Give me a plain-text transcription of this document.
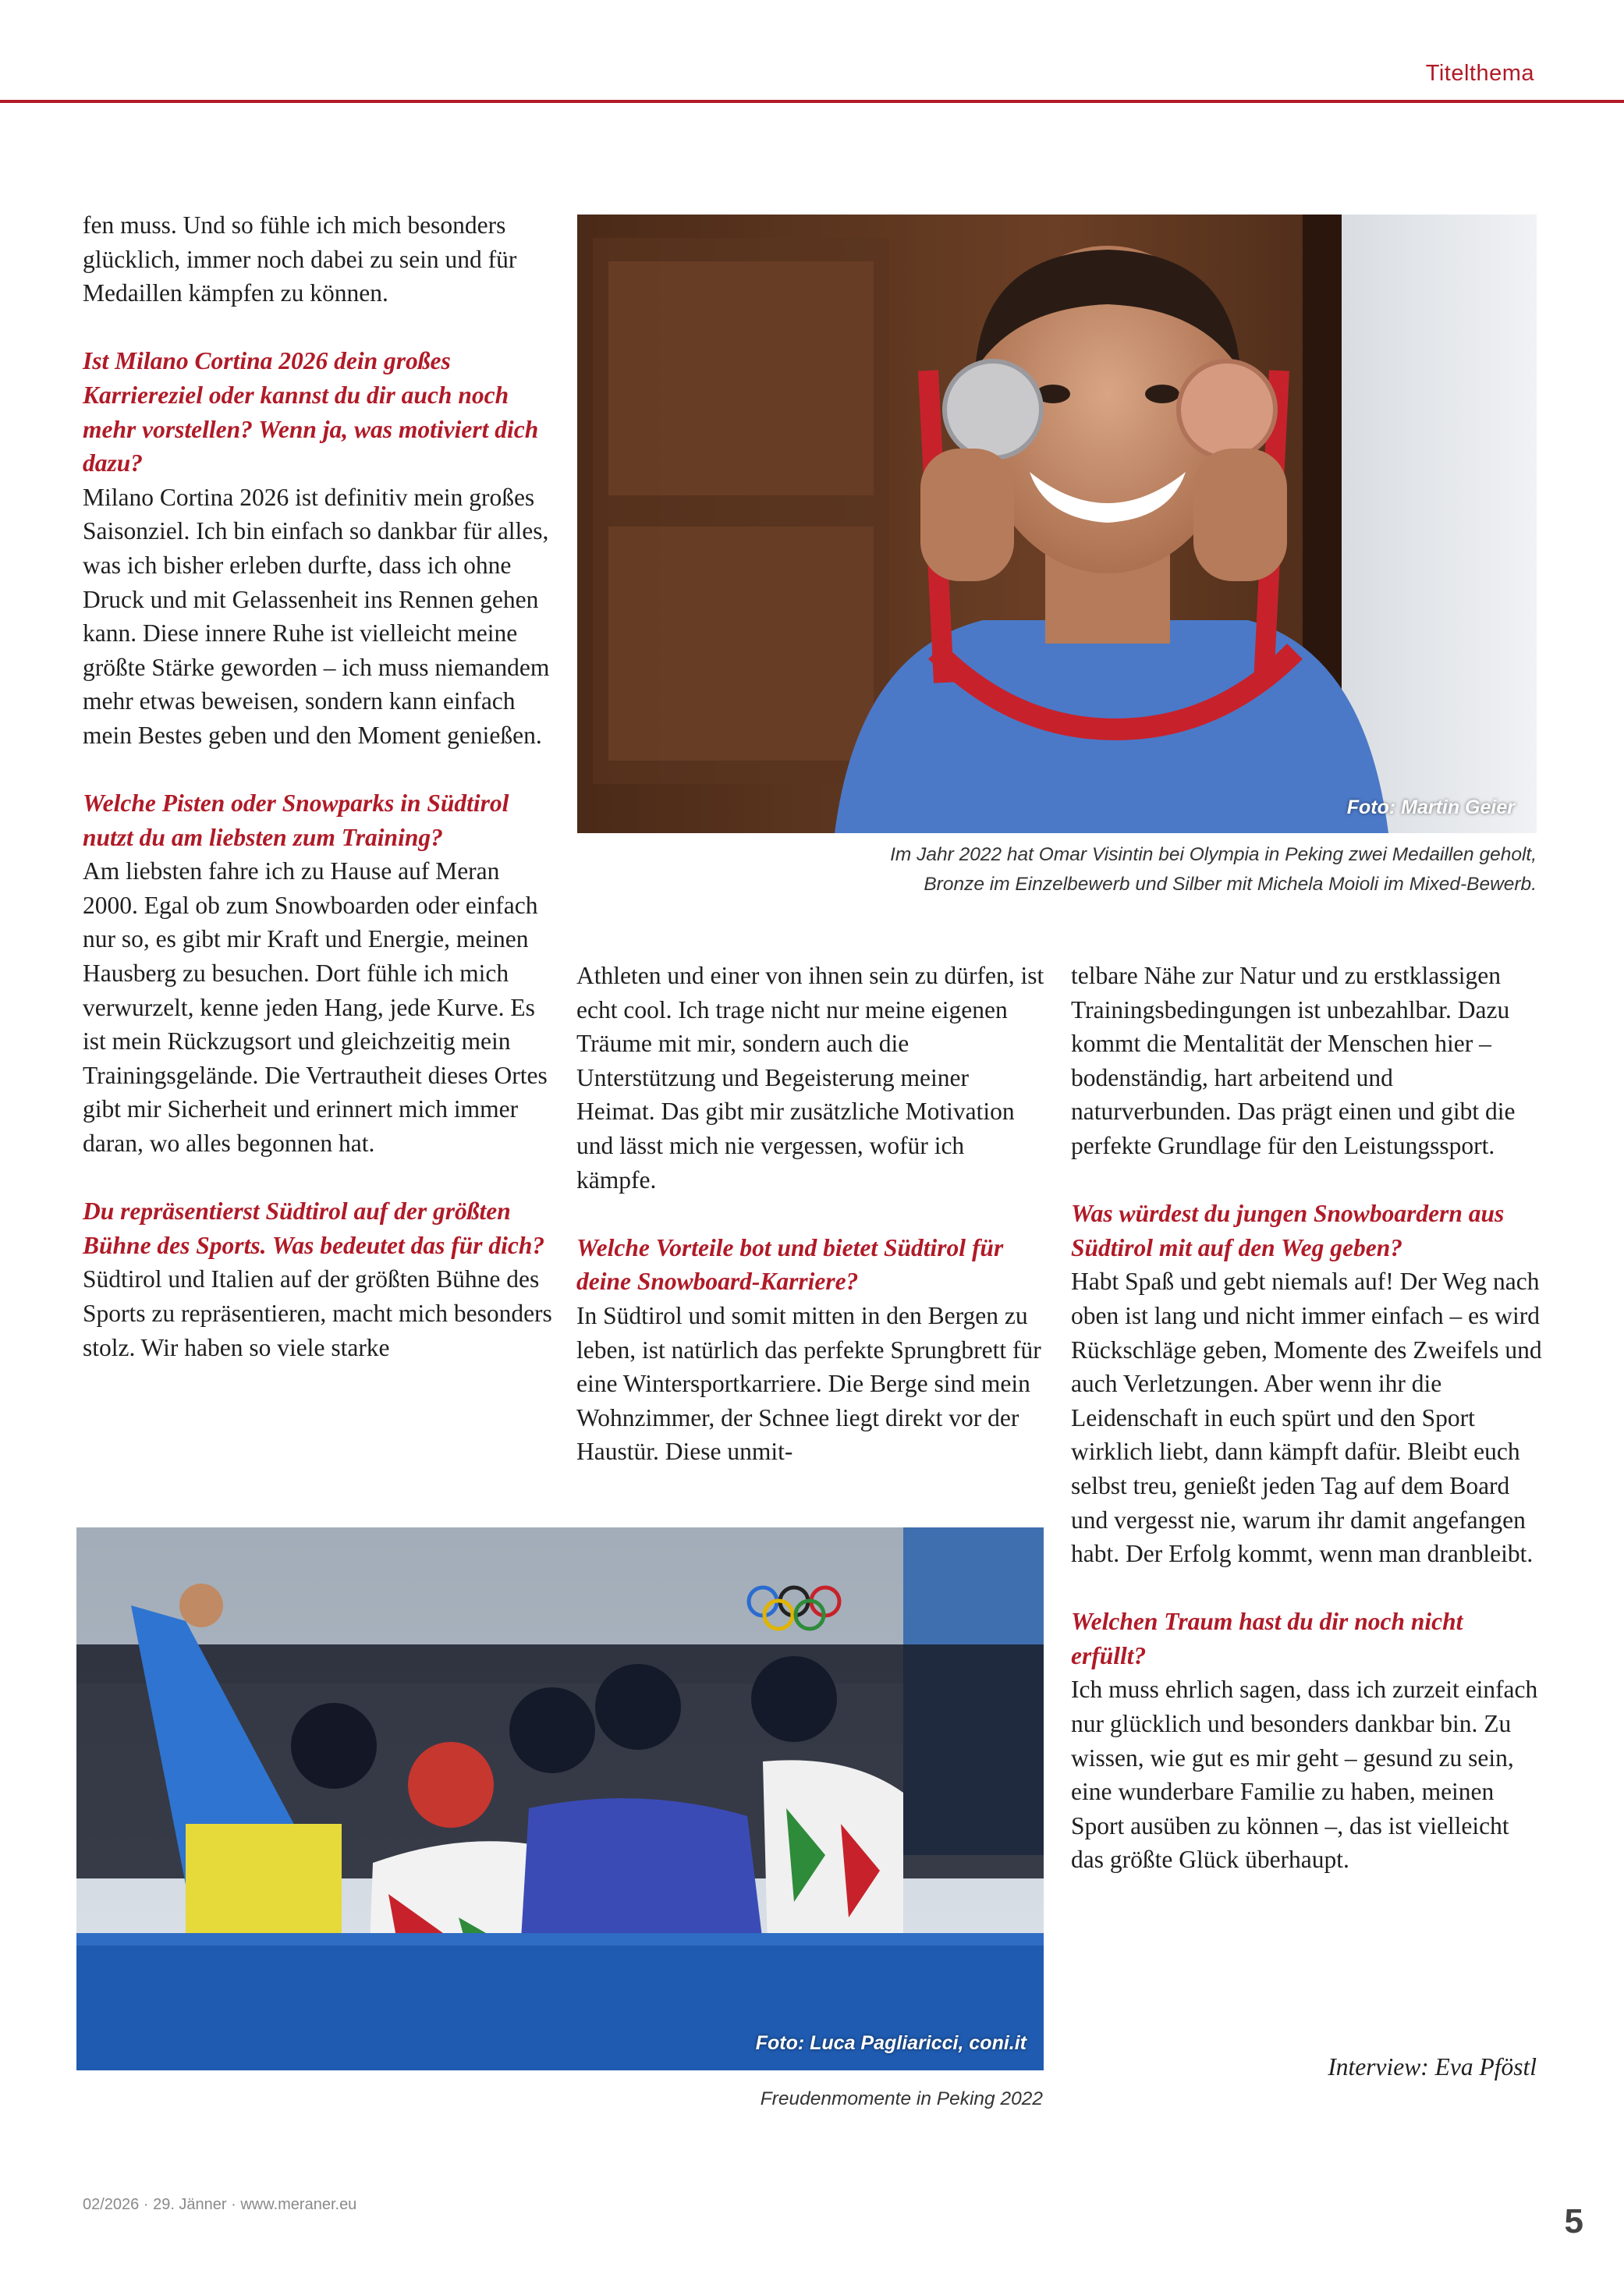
Titelthema

fen muss. Und so fühle ich mich besonders glücklich, immer noch dabei zu sein und für Medaillen kämpfen zu können.

Ist Milano Cortina 2026 dein großes Karriereziel oder kannst du dir auch noch mehr vorstellen? Wenn ja, was motiviert dich dazu?

Milano Cortina 2026 ist definitiv mein großes Saisonziel. Ich bin einfach so dankbar für alles, was ich bisher erleben durfte, dass ich ohne Druck und mit Gelassenheit ins Rennen gehen kann. Diese innere Ruhe ist vielleicht meine größte Stärke geworden – ich muss niemandem mehr etwas beweisen, sondern kann einfach mein Bestes geben und den Moment genießen.

Welche Pisten oder Snowparks in Südtirol nutzt du am liebsten zum Training?

Am liebsten fahre ich zu Hause auf Meran 2000. Egal ob zum Snowboarden oder einfach nur so, es gibt mir Kraft und Energie, meinen Hausberg zu besuchen. Dort fühle ich mich verwurzelt, kenne jeden Hang, jede Kurve. Es ist mein Rückzugsort und gleichzeitig mein Trainingsgelände. Die Vertrautheit dieses Ortes gibt mir Sicherheit und erinnert mich immer daran, wo alles begonnen hat.

Du repräsentierst Südtirol auf der größten Bühne des Sports. Was bedeutet das für dich?

Südtirol und Italien auf der größten Bühne des Sports zu repräsentieren, macht mich besonders stolz. Wir haben so viele starke

Foto: Martin Geier
Im Jahr 2022 hat Omar Visintin bei Olympia in Peking zwei Medaillen geholt,
Bronze im Einzelbewerb und Silber mit Michela Moioli im Mixed-Bewerb.

Athleten und einer von ihnen sein zu dürfen, ist echt cool. Ich trage nicht nur meine eigenen Träume mit mir, sondern auch die Unterstützung und Begeisterung meiner Heimat. Das gibt mir zusätzliche Motivation und lässt mich nie vergessen, wofür ich kämpfe.

Welche Vorteile bot und bietet Südtirol für deine Snowboard-Karriere?

In Südtirol und somit mitten in den Bergen zu leben, ist natürlich das perfekte Sprungbrett für eine Wintersportkarriere. Die Berge sind mein Wohnzimmer, der Schnee liegt direkt vor der Haustür. Diese unmit-

telbare Nähe zur Natur und zu erstklassigen Trainingsbedingungen ist unbezahlbar. Dazu kommt die Mentalität der Menschen hier – bodenständig, hart arbeitend und naturverbunden. Das prägt einen und gibt die perfekte Grundlage für den Leistungssport.

Was würdest du jungen Snowboardern aus Südtirol mit auf den Weg geben?

Habt Spaß und gebt niemals auf! Der Weg nach oben ist lang und nicht immer einfach – es wird Rückschläge geben, Momente des Zweifels und auch Verletzungen. Aber wenn ihr die Leidenschaft in euch spürt und den Sport wirklich liebt, dann kämpft dafür. Bleibt euch selbst treu, genießt jeden Tag auf dem Board und vergesst nie, warum ihr damit angefangen habt. Der Erfolg kommt, wenn man dranbleibt.

Welchen Traum hast du dir noch nicht erfüllt?

Ich muss ehrlich sagen, dass ich zurzeit einfach nur glücklich und besonders dankbar bin. Zu wissen, wie gut es mir geht – gesund zu sein, eine wunderbare Familie zu haben, meinen Sport ausüben zu können –, das ist vielleicht das größte Glück überhaupt.

Foto: Luca Pagliaricci, coni.it
Freudenmomente in Peking 2022
Interview: Eva Pföstl
02/2026 · 29. Jänner · www.meraner.eu	5
